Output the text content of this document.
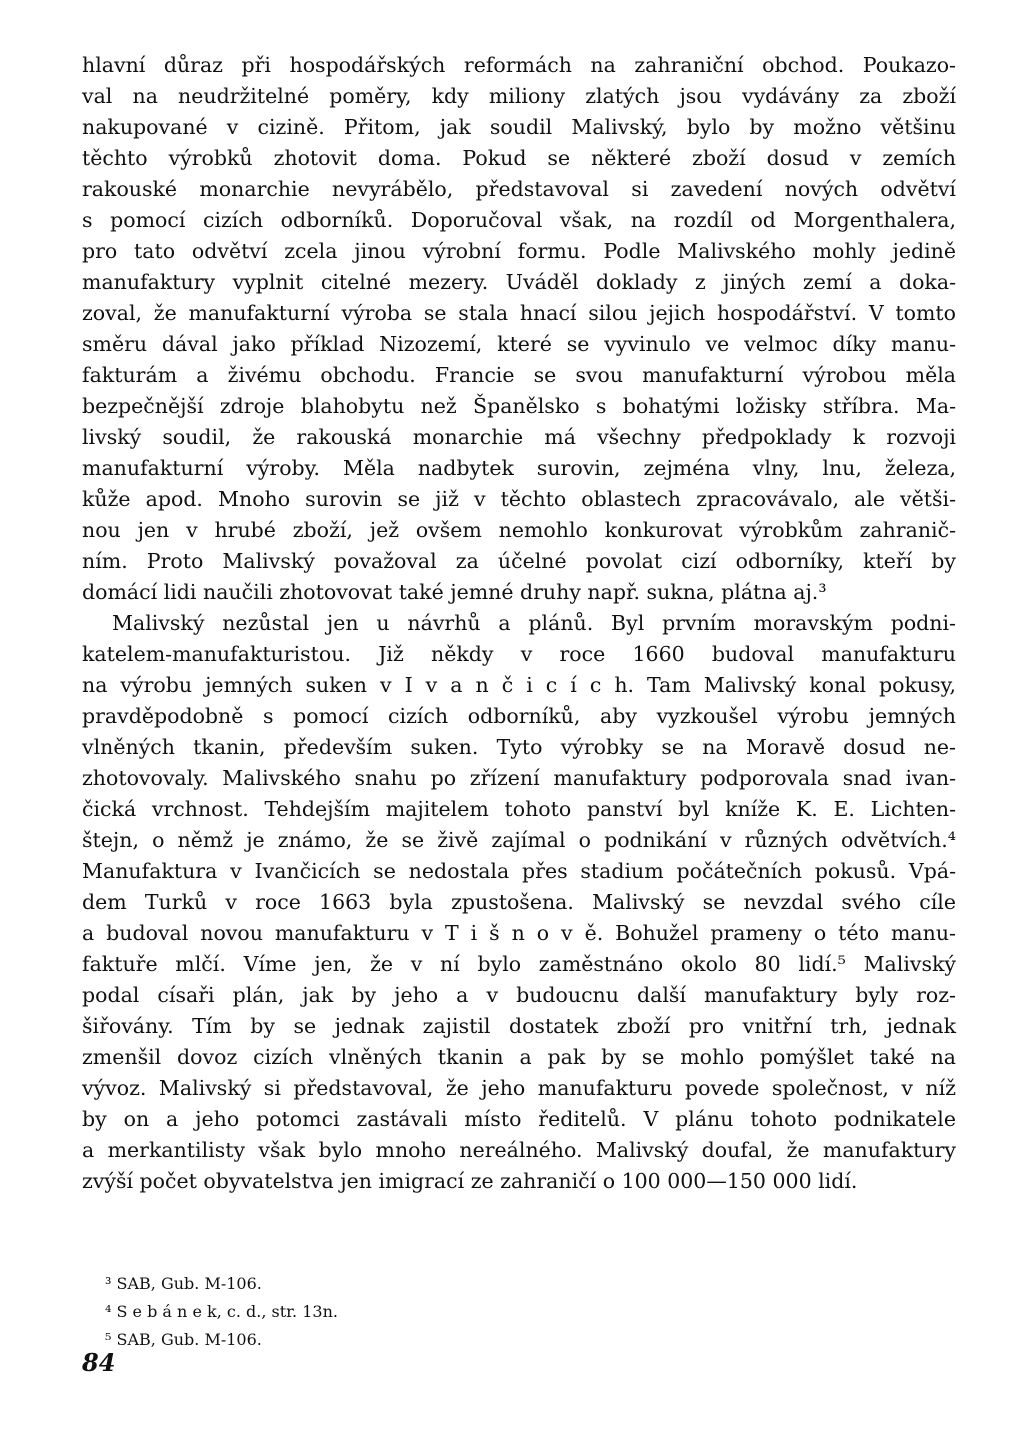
hlavní důraz při hospodářských reformách na zahraniční obchod. Poukazo-
val na neudržitelné poměry, kdy miliony zlatých jsou vydávány za zboží
nakupované v cizině. Přitom, jak soudil Malivský, bylo by možno většinu
těchto výrobků zhotovit doma. Pokud se některé zboží dosud v zemích
rakouské monarchie nevyrábělo, představoval si zavedení nových odvětví
s pomocí cizích odborníků. Doporučoval však, na rozdíl od Morgenthalera,
pro tato odvětví zcela jinou výrobní formu. Podle Malivského mohly jedině
manufaktury vyplnit citelné mezery. Uváděl doklady z jiných zemí a doka-
zoval, že manufakturní výroba se stala hnací silou jejich hospodářství. V tomto
směru dával jako příklad Nizozemí, které se vyvinulo ve velmoc díky manu-
fakturám a živému obchodu. Francie se svou manufakturní výrobou měla
bezpečnější zdroje blahobytu než Španělsko s bohatými ložisky stříbra. Ma-
livský soudil, že rakouská monarchie má všechny předpoklady k rozvoji
manufakturní výroby. Měla nadbytek surovin, zejména vlny, lnu, železa,
kůže apod. Mnoho surovin se již v těchto oblastech zpracovávalo, ale větši-
nou jen v hrubé zboží, jež ovšem nemohlo konkurovat výrobkům zahranič-
ním. Proto Malivský považoval za účelné povolat cizí odborníky, kteří by
domácí lidi naučili zhotovovat také jemné druhy např. sukna, plátna aj.³

Malivský nezůstal jen u návrhů a plánů. Byl prvním moravským podni-
katelem-manufakturistou. Již někdy v roce 1660 budoval manufakturu
na výrobu jemných suken v I v a n č i c í c h. Tam Malivský konal pokusy,
pravděpodobně s pomocí cizích odborníků, aby vyzkoušel výrobu jemných
vlněných tkanin, především suken. Tyto výrobky se na Moravě dosud ne-
zhotovovaly. Malivského snahu po zřízení manufaktury podporovala snad ivan-
čická vrchnost. Tehdejším majitelem tohoto panství byl kníže K. E. Lichten-
štejn, o němž je známo, že se živě zajímal o podnikání v různých odvětvích.⁴
Manufaktura v Ivančicích se nedostala přes stadium počátečních pokusů. Vpá-
dem Turků v roce 1663 byla zpustošena. Malivský se nevzdal svého cíle
a budoval novou manufakturu v T i š n o v ě. Bohužel prameny o této manu-
faktuře mlčí. Víme jen, že v ní bylo zaměstnáno okolo 80 lidí.⁵ Malivský
podal císaři plán, jak by jeho a v budoucnu další manufaktury byly roz-
šiřovány. Tím by se jednak zajistil dostatek zboží pro vnitřní trh, jednak
zmenšil dovoz cizích vlněných tkanin a pak by se mohlo pomýšlet také na
vývoz. Malivský si představoval, že jeho manufakturu povede společnost, v níž
by on a jeho potomci zastávali místo ředitelů. V plánu tohoto podnikatele
a merkantilisty však bylo mnoho nereálného. Malivský doufal, že manufaktury
zvýší počet obyvatelstva jen imigrací ze zahraničí o 100 000—150 000 lidí.

³ SAB, Gub. M-106.
⁴ S e b á n e k, c. d., str. 13n.
⁵ SAB, Gub. M-106.
84
